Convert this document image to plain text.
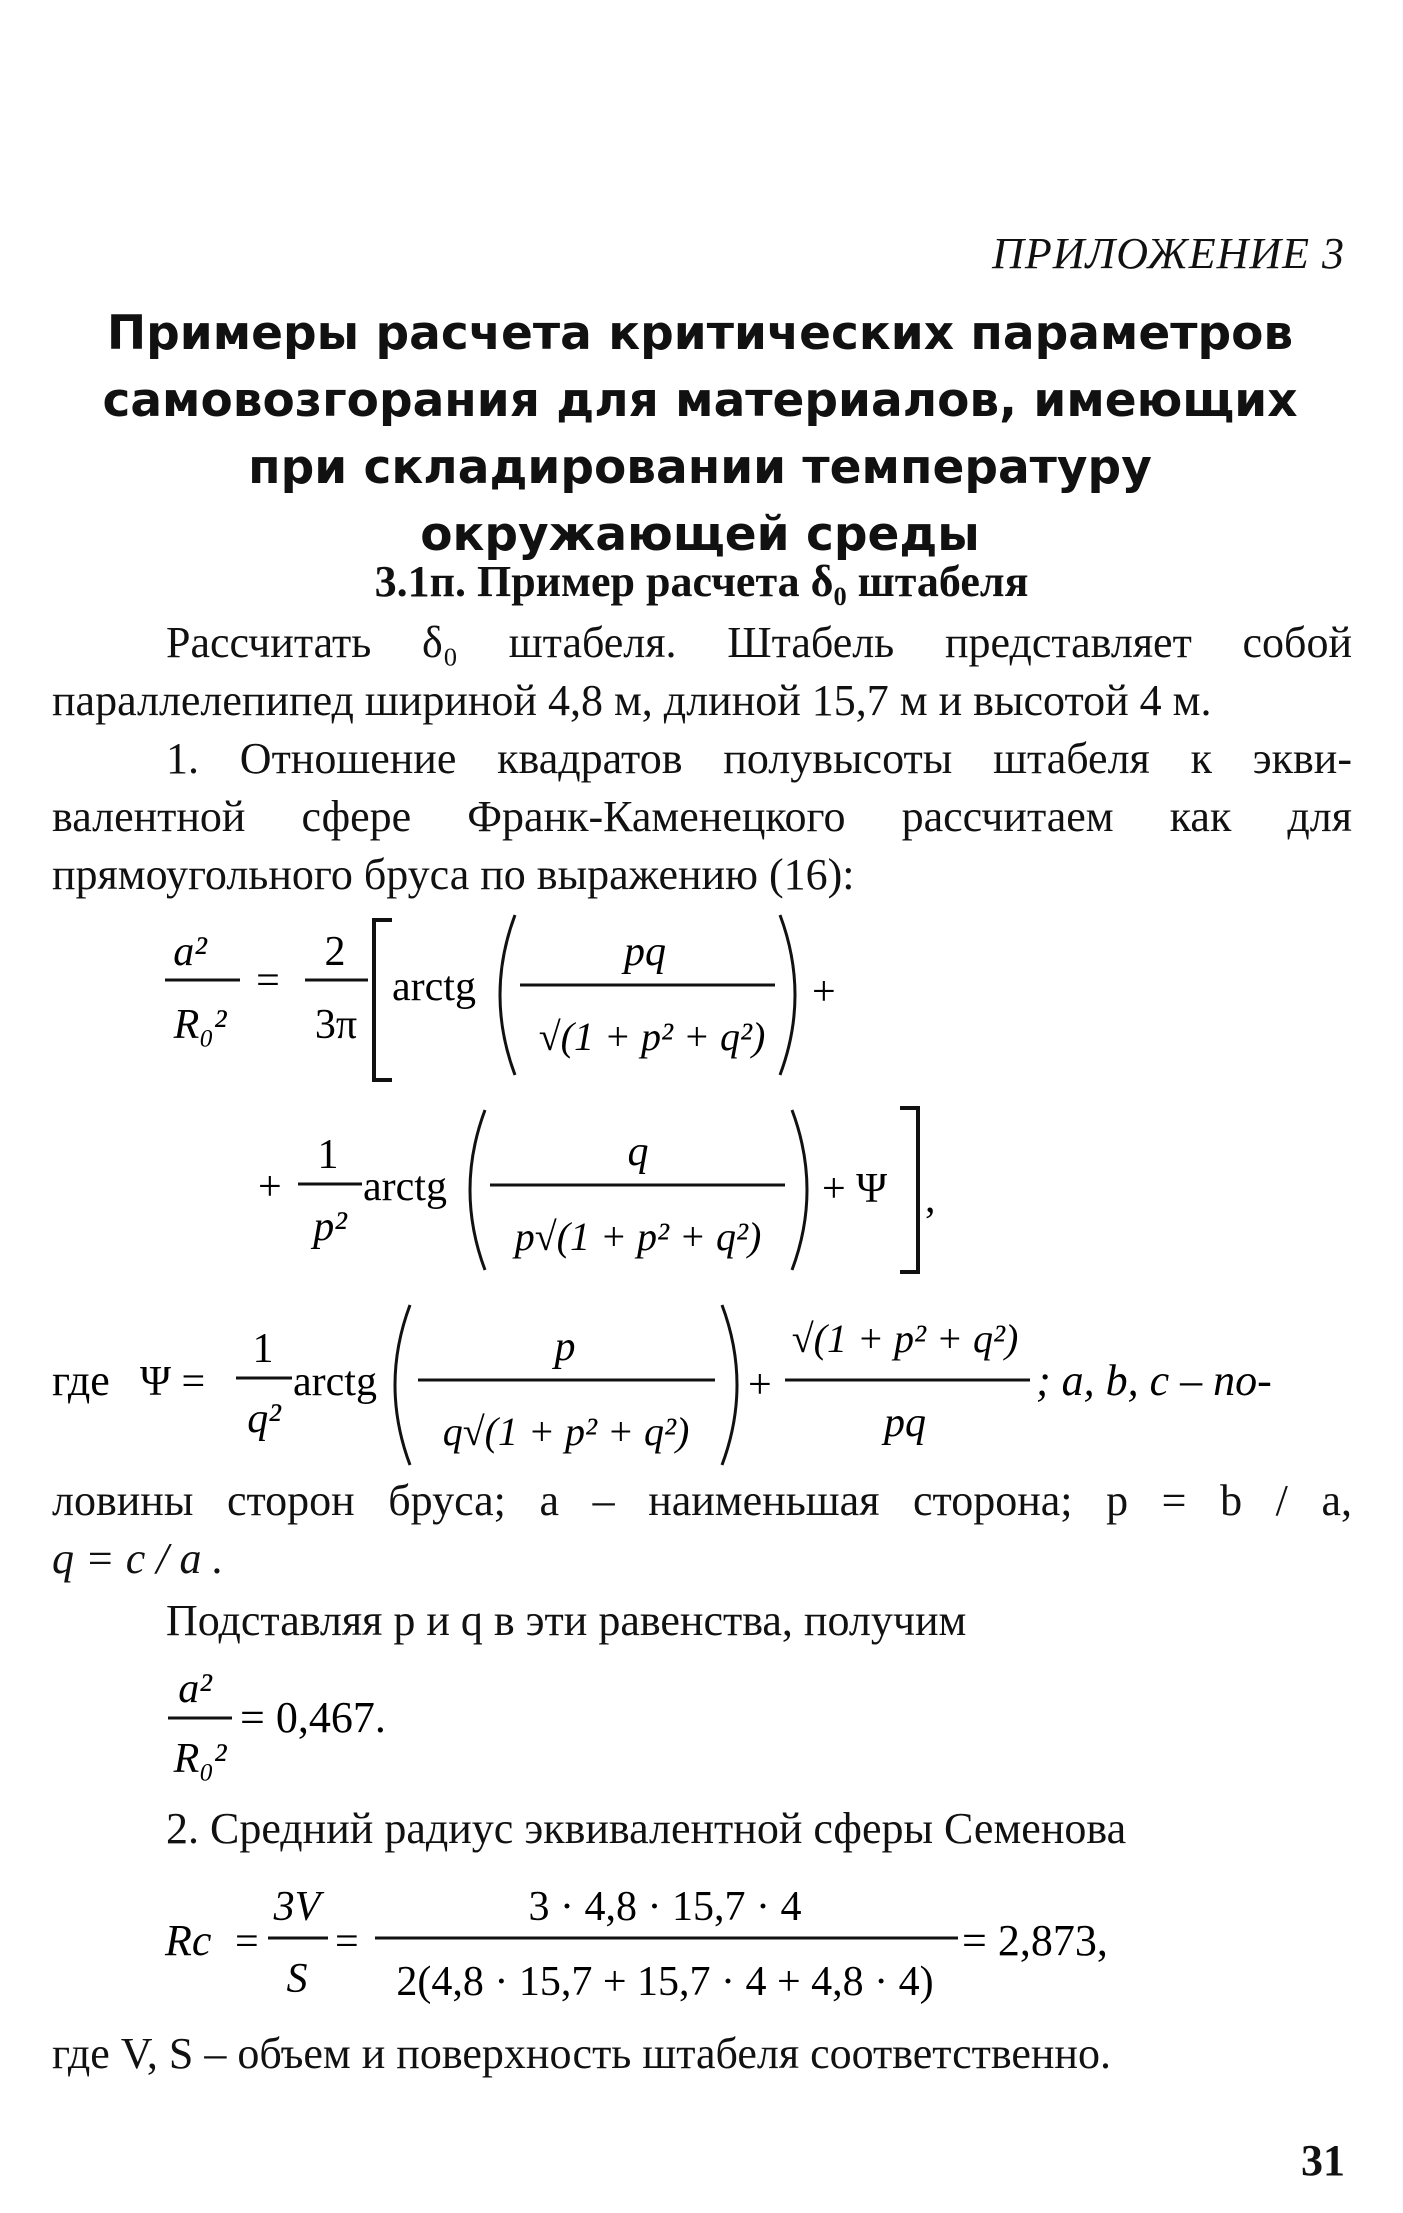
ПРИЛОЖЕНИЕ 3
Примеры расчета критических параметров
самовозгорания для материалов, имеющих
при складировании температуру
окружающей среды
3.1п. Пример расчета δ₀ штабеля
Рассчитать δ₀ штабеля. Штабель представляет собой
параллелепипед шириной 4,8 м, длиной 15,7 м и высотой 4 м.
1. Отношение квадратов полувысоты штабеля к экви-
валентной сфере Франк-Каменецкого рассчитаем как для
прямоугольного бруса по выражению (16):
a²
R₀²
=
2
3π
arctg
pq
√(1 + p² + q²)
+
+
1
p²
arctg
q
p√(1 + p² + q²)
+ Ψ ,
где Ψ =
1
q²
arctg
p
q√(1 + p² + q²)
+
√(1 + p² + q²)
pq
; a, b, c – по-
ловины сторон бруса; a – наименьшая сторона; p = b / a,
q = c / a .
Подставляя p и q в эти равенства, получим
a²
R₀²
= 0,467.
2. Средний радиус эквивалентной сферы Семенова
Rc =
3V
S
=
3 · 4,8 · 15,7 · 4
2(4,8 · 15,7 + 15,7 · 4 + 4,8 · 4)
= 2,873,
где V, S – объем и поверхность штабеля соответственно.
31
